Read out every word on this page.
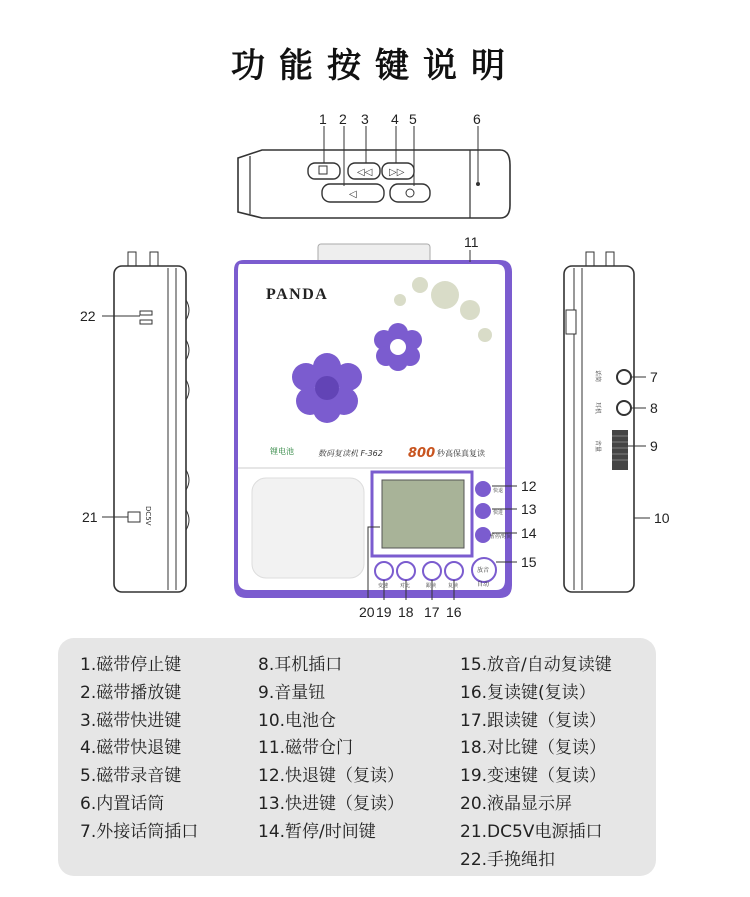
功能按键说明
◁◁ ▷▷
◁
1 2 3 4 5	6
DC5V
22
21
PANDA
锂电池	数码复读机 F-362 800 秒高保真复读
快退
快进
暂停/时间
放音
自动
变速 对比	跟读 复读
11
12
13
14
15
20 19 18 17 16
话筒
耳机
音量
7
8
9
10
1.磁带停止键
2.磁带播放键
3.磁带快进键
4.磁带快退键
5.磁带录音键
6.内置话筒
7.外接话筒插口
8.耳机插口
9.音量钮
10.电池仓
11.磁带仓门
12.快退键（复读）
13.快进键（复读）
14.暂停/时间键
15.放音/自动复读键
16.复读键(复读）
17.跟读键（复读）
18.对比键（复读）
19.变速键（复读）
20.液晶显示屏
21.DC5V电源插口
22.手挽绳扣
